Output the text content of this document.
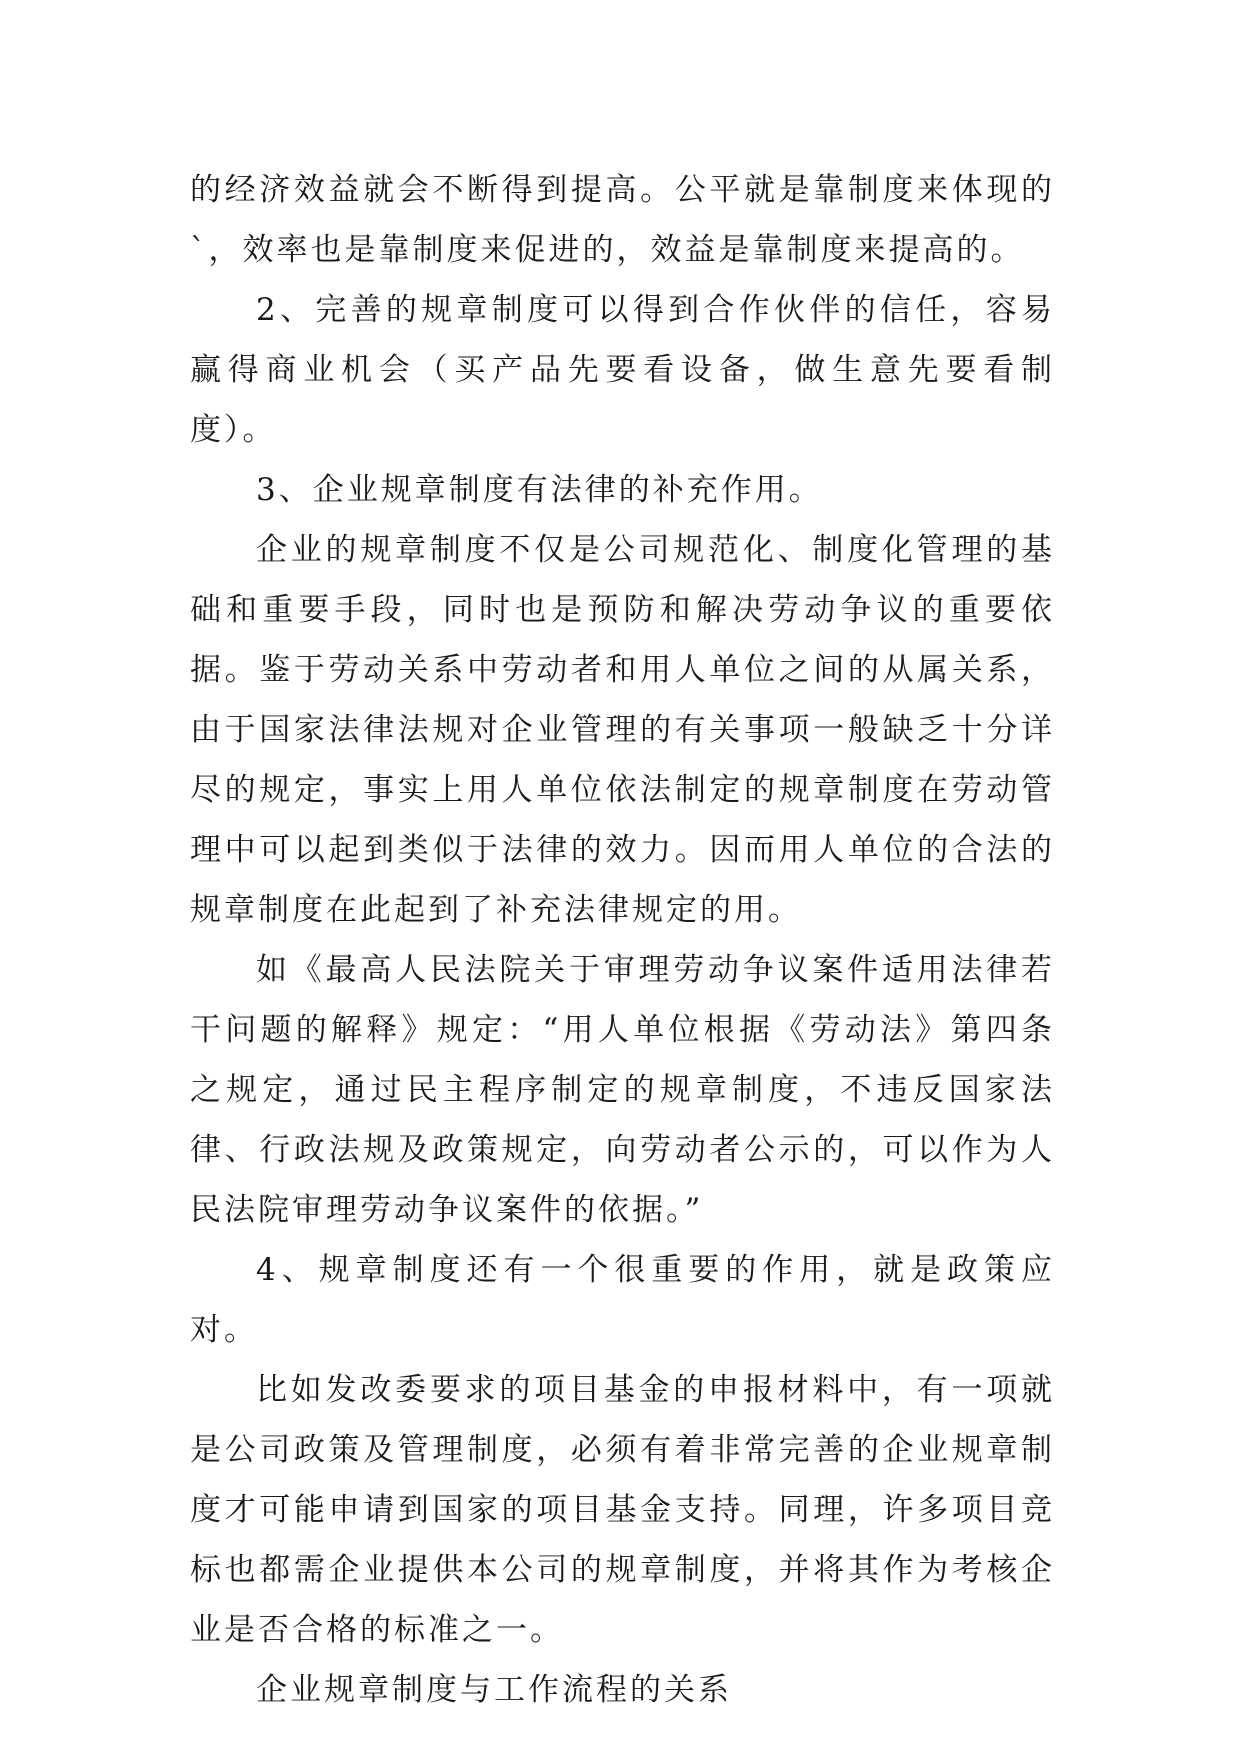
的经济效益就会不断得到提高。公平就是靠制度来体现的`，效率也是靠制度来促进的，效益是靠制度来提高的。

2、完善的规章制度可以得到合作伙伴的信任，容易赢得商业机会（买产品先要看设备，做生意先要看制度）。

3、企业规章制度有法律的补充作用。

企业的规章制度不仅是公司规范化、制度化管理的基础和重要手段，同时也是预防和解决劳动争议的重要依据。鉴于劳动关系中劳动者和用人单位之间的从属关系，由于国家法律法规对企业管理的有关事项一般缺乏十分详尽的规定，事实上用人单位依法制定的规章制度在劳动管理中可以起到类似于法律的效力。因而用人单位的合法的规章制度在此起到了补充法律规定的用。

如《最高人民法院关于审理劳动争议案件适用法律若干问题的解释》规定：“用人单位根据《劳动法》第四条之规定，通过民主程序制定的规章制度，不违反国家法律、行政法规及政策规定，向劳动者公示的，可以作为人民法院审理劳动争议案件的依据。”

4、规章制度还有一个很重要的作用，就是政策应对。

比如发改委要求的项目基金的申报材料中，有一项就是公司政策及管理制度，必须有着非常完善的企业规章制度才可能申请到国家的项目基金支持。同理，许多项目竞标也都需企业提供本公司的规章制度，并将其作为考核企业是否合格的标准之一。

企业规章制度与工作流程的关系
